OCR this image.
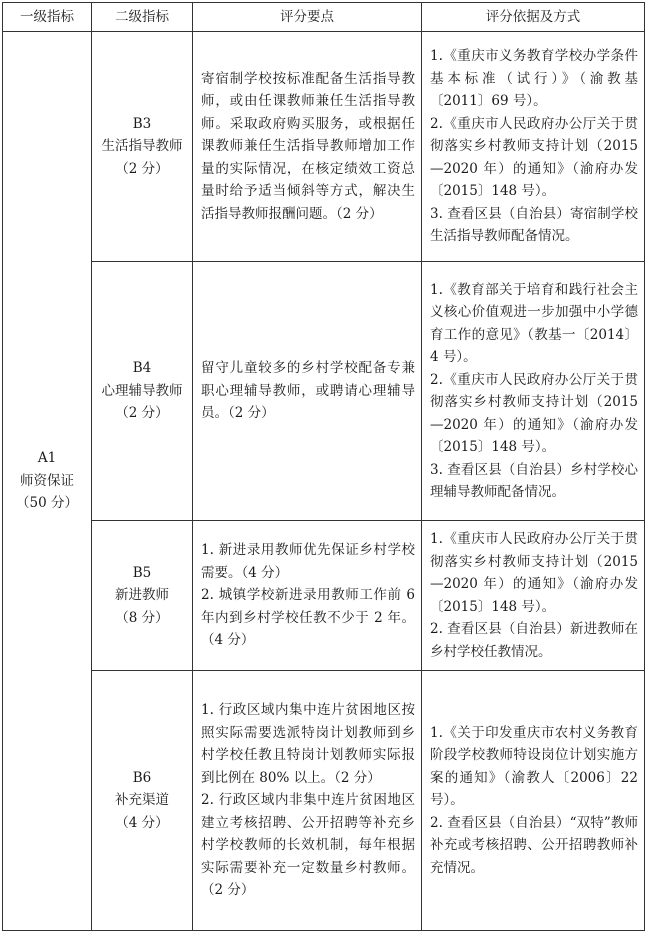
一级指标	二级指标	评分要点	评分依据及方式

A1
师资保证
（50 分）	B3
生活指导教师
（2 分）	寄宿制学校按标准配备生活指导教师，或由任课教师兼任生活指导教师。采取政府购买服务，或根据任课教师兼任生活指导教师增加工作量的实际情况，在核定绩效工资总量时给予适当倾斜等方式，解决生活指导教师报酬问题。（2 分）	1.《重庆市义务教育学校办学条件基本标准（试行）》（渝教基〔2011〕69 号）。
2.《重庆市人民政府办公厅关于贯彻落实乡村教师支持计划（2015—2020 年）的通知》（渝府办发〔2015〕148 号）。
3. 查看区县（自治县）寄宿制学校生活指导教师配备情况。

	B4
心理辅导教师
（2 分）	留守儿童较多的乡村学校配备专兼职心理辅导教师，或聘请心理辅导员。（2 分）	1.《教育部关于培育和践行社会主义核心价值观进一步加强中小学德育工作的意见》（教基一〔2014〕4 号）。
2.《重庆市人民政府办公厅关于贯彻落实乡村教师支持计划（2015—2020 年）的通知》（渝府办发〔2015〕148 号）。
3. 查看区县（自治县）乡村学校心理辅导教师配备情况。

	B5
新进教师
（8 分）	1. 新进录用教师优先保证乡村学校需要。（4 分）
2. 城镇学校新进录用教师工作前 6 年内到乡村学校任教不少于 2 年。（4 分）	1.《重庆市人民政府办公厅关于贯彻落实乡村教师支持计划（2015—2020 年）的通知》（渝府办发〔2015〕148 号）。
2. 查看区县（自治县）新进教师在乡村学校任教情况。

	B6
补充渠道
（4 分）	1. 行政区域内集中连片贫困地区按照实际需要选派特岗计划教师到乡村学校任教且特岗计划教师实际报到比例在 80% 以上。（2 分）
2. 行政区域内非集中连片贫困地区建立考核招聘、公开招聘等补充乡村学校教师的长效机制，每年根据实际需要补充一定数量乡村教师。（2 分）	1.《关于印发重庆市农村义务教育阶段学校教师特设岗位计划实施方案的通知》（渝教人〔2006〕22 号）。
2. 查看区县（自治县）“双特”教师补充或考核招聘、公开招聘教师补充情况。
